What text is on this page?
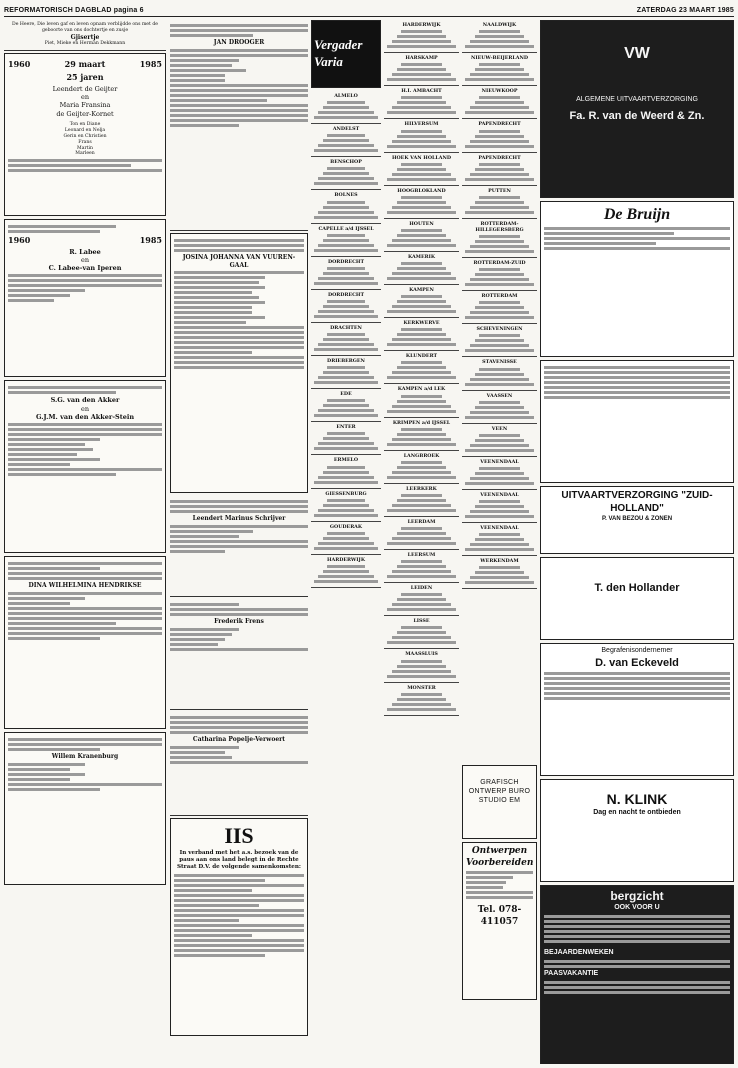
REFORMATORISCH DAGBLAD pagina 6	ZATERDAG 23 MAART 1985
De Heere, Die leven gaf en leven opnam verblijdde ons met de geboorte van ons dochtertje en zusje
Gjisertje
Piet, Mieke en Herman Dekkmann
1960	29 maart	1985
25 jaren
Leendert de Geijter
en
Maria Fransina
de Geijter-Kornet
Ton en Diane
Leonard en Nelja
Gerin en Christien
Frans
Martin
Marleen
1960	1985
R. Labee
en
C. Labee-van Iperen
S.G. van den Akker
en
G.J.M. van den Akker-Stein
DINA WILHELMINA HENDRIKSE
Willem Kranenburg
JAN DROOGER
JOSINA JOHANNA VAN VUUREN-GAAL
Leendert Marinus Schrijver
Frederik Frens
Catharina Popelje-Verwoert
IIS
In verband met het a.s. bezoek van de paus aan ons land belegt in de Rechte Straat D.V. de volgende samenkomsten:
Vergader Varia
ALMELO
ANDELST
BENSCHOP
BOLNES
CAPELLE a/d IJSSEL
DORDRECHT
DORDRECHT
DRACHTEN
DRIEBERGEN
EDE
ENTER
ERMELO
GIESSENBURG
GOUDERAK
HARDERWIJK
HARDERWIJK
HARSKAMP
H.I. AMBACHT
HILVERSUM
HOEK VAN HOLLAND
HOOGBLOKLAND
HOUTEN
KAMERIK
KAMPEN
KERKWERVE
KLUNDERT
KAMPEN a/d LEK
KRIMPEN a/d IJSSEL
LANGBROEK
LEERKERK
LEERDAM
LEERSUM
LEIDEN
LISSE
MAASSLUIS
MONSTER
NAALDWIJK
NIEUW-BEIJERLAND
NIEUWKOOP
PAPENDRECHT
PAPENDRECHT
PUTTEN
ROTTERDAM-HILLEGERSBERG
ROTTERDAM-ZUID
ROTTERDAM
SCHEVENINGEN
STAVENISSE
VAASSEN
VEEN
VEENENDAAL
VEENENDAAL
VEENENDAAL
WERKENDAM
GRAFISCH ONTWERP BURO STUDIO EM
Ontwerpen Voorbereiden
Tel. 078-411057
VW
ALGEMENE UITVAARTVERZORGING
Fa. R. van de Weerd & Zn.
De Bruijn
UITVAARTVERZORGING "ZUID-HOLLAND"
P. VAN BEZOU & ZONEN
T. den Hollander
Begrafenisondernemer
D. van Eckeveld
N. KLINK
Dag en nacht te ontbieden
bergzicht
OOK VOOR U
BEJAARDENWEKEN
PAASVAKANTIE
